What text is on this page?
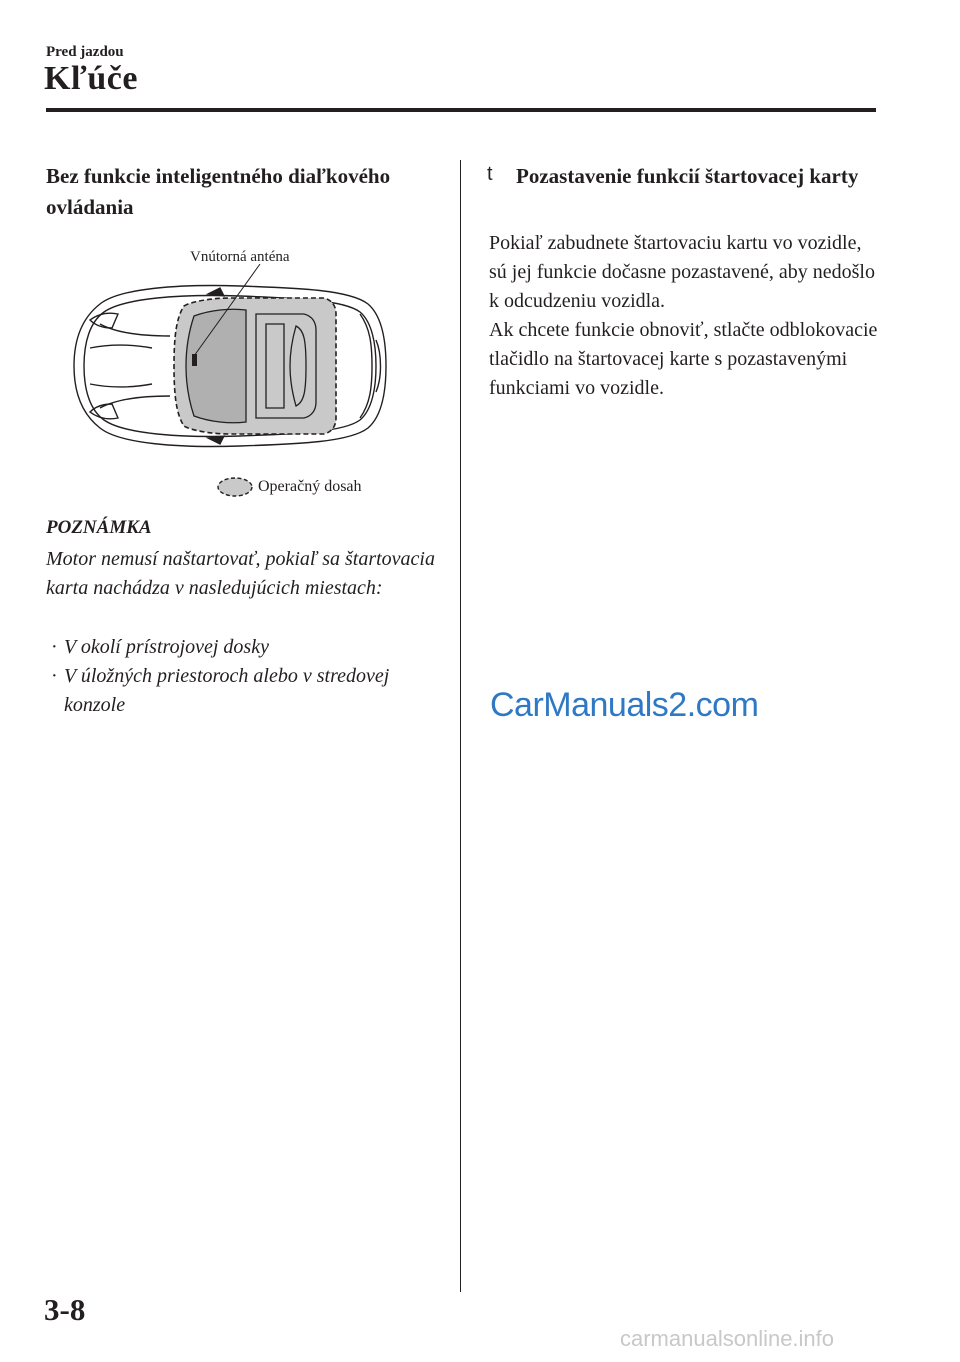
Pred jazdou
Kľúče
Bez funkcie inteligentného diaľkového ovládania
Vnútorná anténa
Operačný dosah
POZNÁMKA
Motor nemusí naštartovať, pokiaľ sa štartovacia karta nachádza v nasledujúcich miestach:
· V okolí prístrojovej dosky
· V úložných priestoroch alebo v stredovej konzole
t Pozastavenie funkcií štartovacej karty

Pokiaľ zabudnete štartovaciu kartu vo vozidle, sú jej funkcie dočasne pozastavené, aby nedošlo k odcudzeniu vozidla.

Ak chcete funkcie obnoviť, stlačte odblokovacie tlačidlo na štartovacej karte s pozastavenými funkciami vo vozidle.

CarManuals2.com
3-8
carmanualsonline.info
